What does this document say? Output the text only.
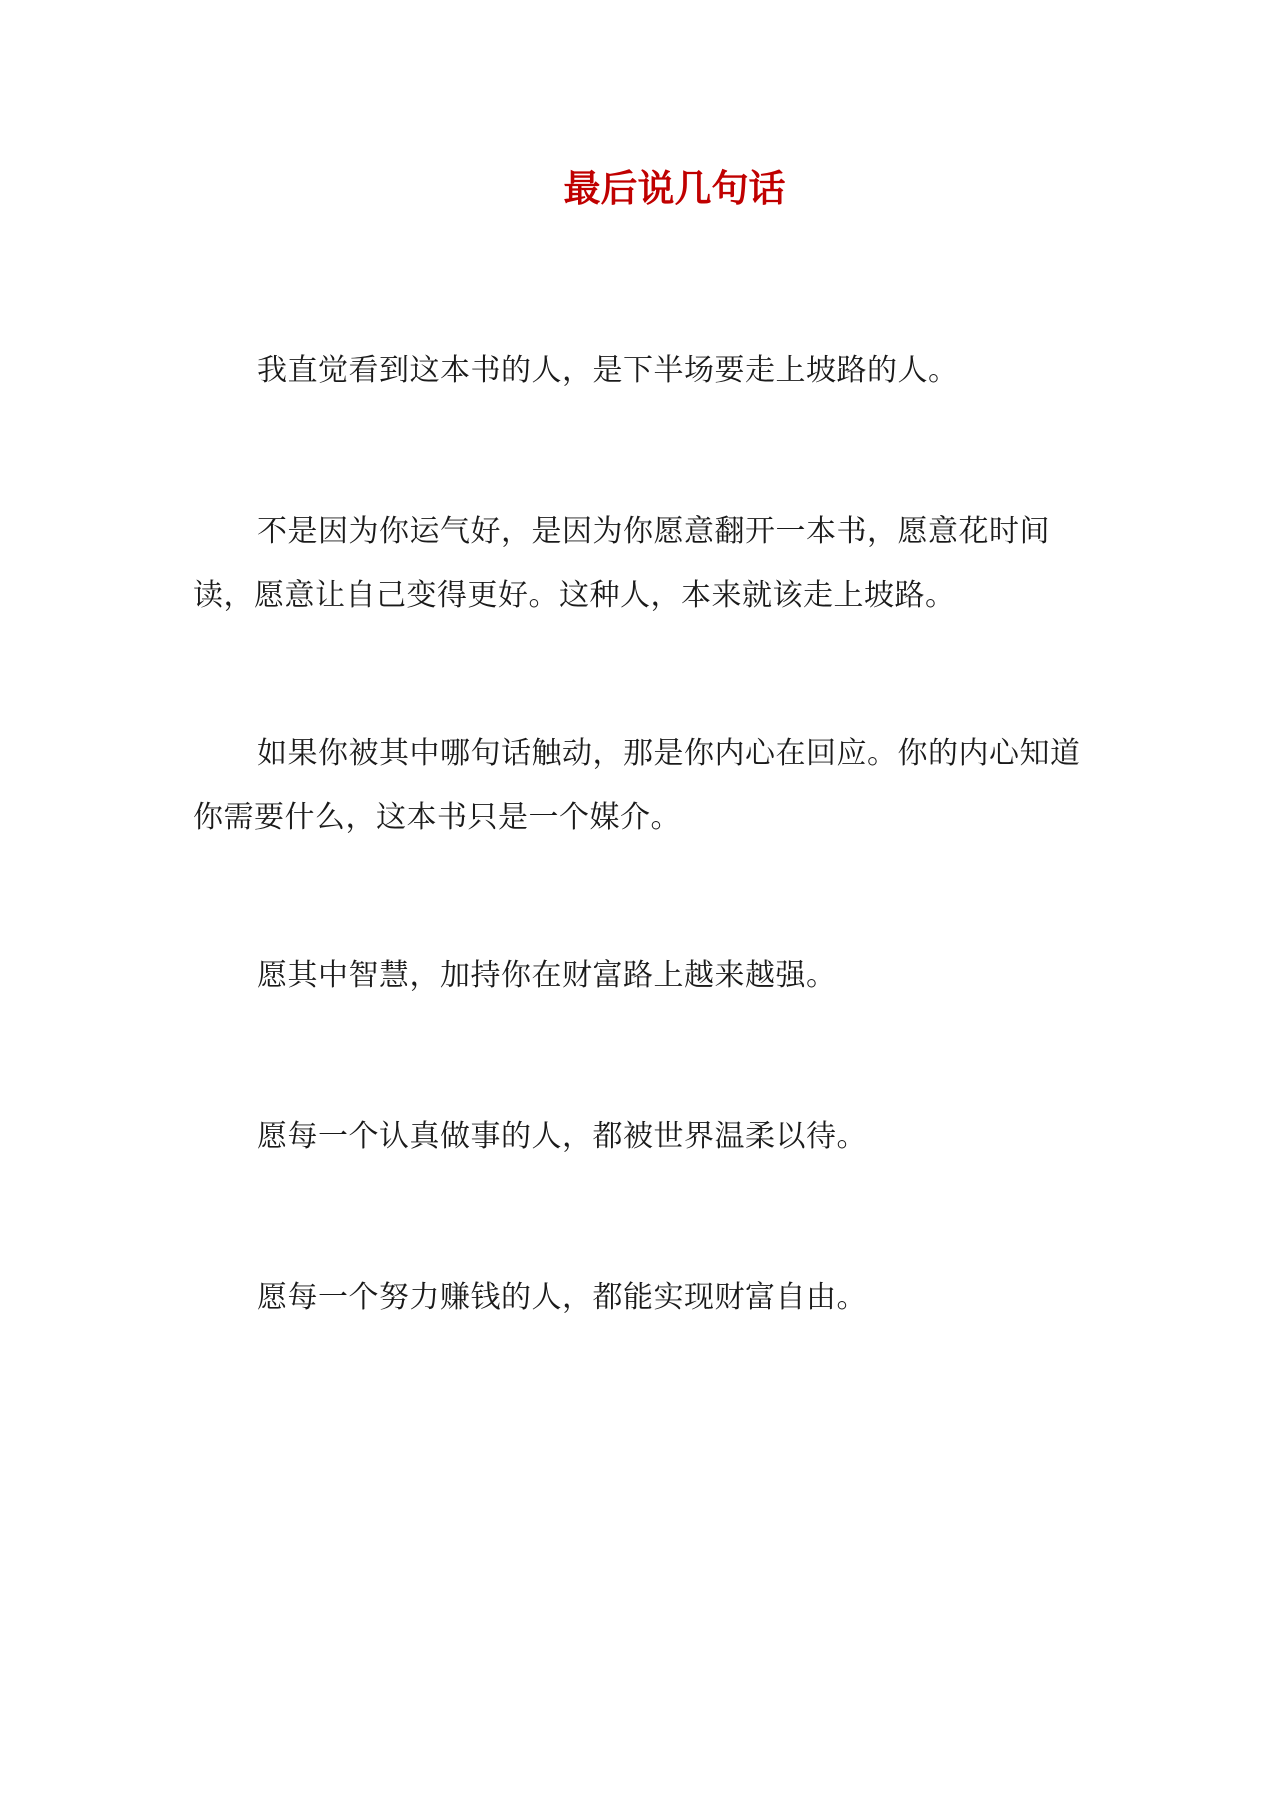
最后说几句话

我直觉看到这本书的人，是下半场要走上坡路的人。

不是因为你运气好，是因为你愿意翻开一本书，愿意花时间读，愿意让自己变得更好。这种人，本来就该走上坡路。

如果你被其中哪句话触动，那是你内心在回应。你的内心知道你需要什么，这本书只是一个媒介。

愿其中智慧，加持你在财富路上越来越强。

愿每一个认真做事的人，都被世界温柔以待。

愿每一个努力赚钱的人，都能实现财富自由。
